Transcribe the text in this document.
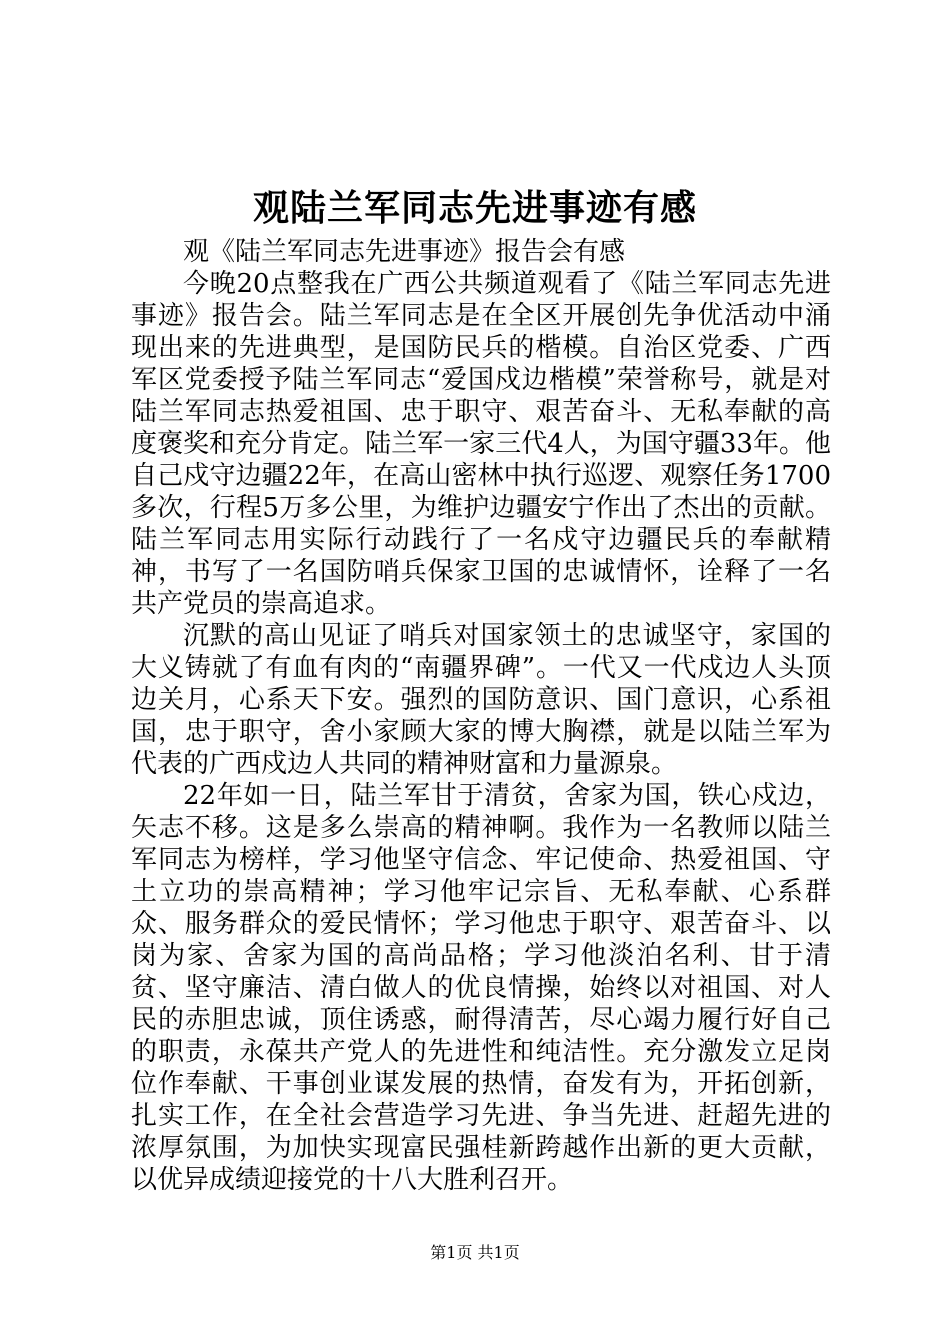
观陆兰军同志先进事迹有感

观《陆兰军同志先进事迹》报告会有感

今晚20点整我在广西公共频道观看了《陆兰军同志先进事迹》报告会。陆兰军同志是在全区开展创先争优活动中涌现出来的先进典型，是国防民兵的楷模。自治区党委、广西军区党委授予陆兰军同志“爱国戍边楷模”荣誉称号，就是对陆兰军同志热爱祖国、忠于职守、艰苦奋斗、无私奉献的高度褒奖和充分肯定。陆兰军一家三代4人，为国守疆33年。他自己戍守边疆22年，在高山密林中执行巡逻、观察任务1700多次，行程5万多公里，为维护边疆安宁作出了杰出的贡献。陆兰军同志用实际行动践行了一名戍守边疆民兵的奉献精神，书写了一名国防哨兵保家卫国的忠诚情怀，诠释了一名共产党员的崇高追求。

沉默的高山见证了哨兵对国家领土的忠诚坚守，家国的大义铸就了有血有肉的“南疆界碑”。一代又一代戍边人头顶边关月，心系天下安。强烈的国防意识、国门意识，心系祖国，忠于职守，舍小家顾大家的博大胸襟，就是以陆兰军为代表的广西戍边人共同的精神财富和力量源泉。

22年如一日，陆兰军甘于清贫，舍家为国，铁心戍边，矢志不移。这是多么崇高的精神啊。我作为一名教师以陆兰军同志为榜样，学习他坚守信念、牢记使命、热爱祖国、守土立功的崇高精神；学习他牢记宗旨、无私奉献、心系群众、服务群众的爱民情怀；学习他忠于职守、艰苦奋斗、以岗为家、舍家为国的高尚品格；学习他淡泊名利、甘于清贫、坚守廉洁、清白做人的优良情操，始终以对祖国、对人民的赤胆忠诚，顶住诱惑，耐得清苦，尽心竭力履行好自己的职责，永葆共产党人的先进性和纯洁性。充分激发立足岗位作奉献、干事创业谋发展的热情，奋发有为，开拓创新，扎实工作，在全社会营造学习先进、争当先进、赶超先进的浓厚氛围，为加快实现富民强桂新跨越作出新的更大贡献，以优异成绩迎接党的十八大胜利召开。

第1页 共1页
